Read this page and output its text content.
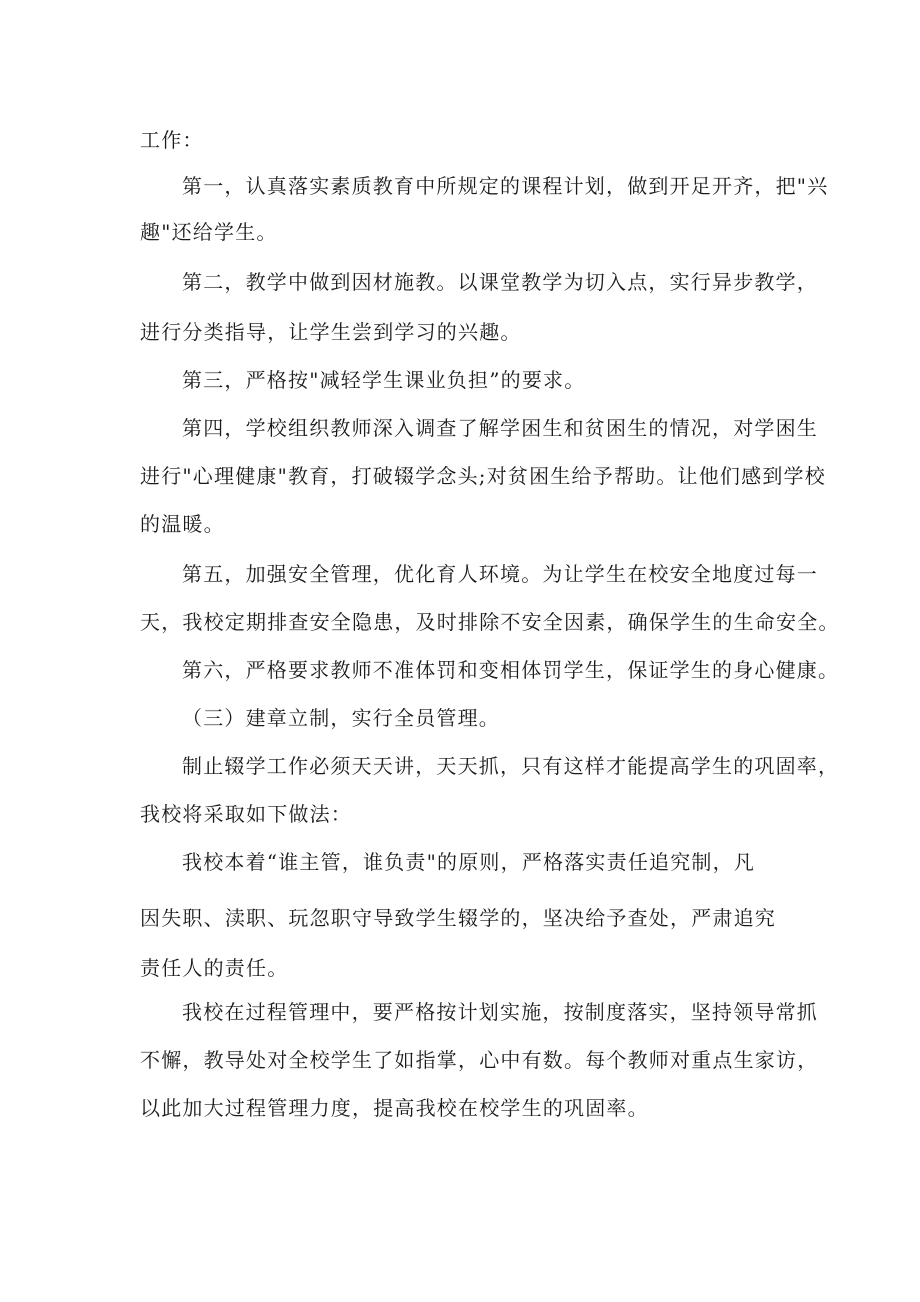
工作：
第一，认真落实素质教育中所规定的课程计划，做到开足开齐，把"兴
趣"还给学生。
第二，教学中做到因材施教。以课堂教学为切入点，实行异步教学，
进行分类指导，让学生尝到学习的兴趣。
第三，严格按"减轻学生课业负担”的要求。
第四，学校组织教师深入调查了解学困生和贫困生的情况，对学困生
进行"心理健康"教育，打破辍学念头;对贫困生给予帮助。让他们感到学校
的温暖。
第五，加强安全管理，优化育人环境。为让学生在校安全地度过每一
天，我校定期排查安全隐患，及时排除不安全因素，确保学生的生命安全。
第六，严格要求教师不准体罚和变相体罚学生，保证学生的身心健康。
（三）建章立制，实行全员管理。
制止辍学工作必须天天讲，天天抓，只有这样才能提高学生的巩固率，
我校将采取如下做法：
我校本着“谁主管，谁负责"的原则，严格落实责任追究制，凡
因失职、渎职、玩忽职守导致学生辍学的，坚决给予查处，严肃追究
责任人的责任。
我校在过程管理中，要严格按计划实施，按制度落实，坚持领导常抓
不懈，教导处对全校学生了如指掌，心中有数。每个教师对重点生家访，
以此加大过程管理力度，提高我校在校学生的巩固率。
